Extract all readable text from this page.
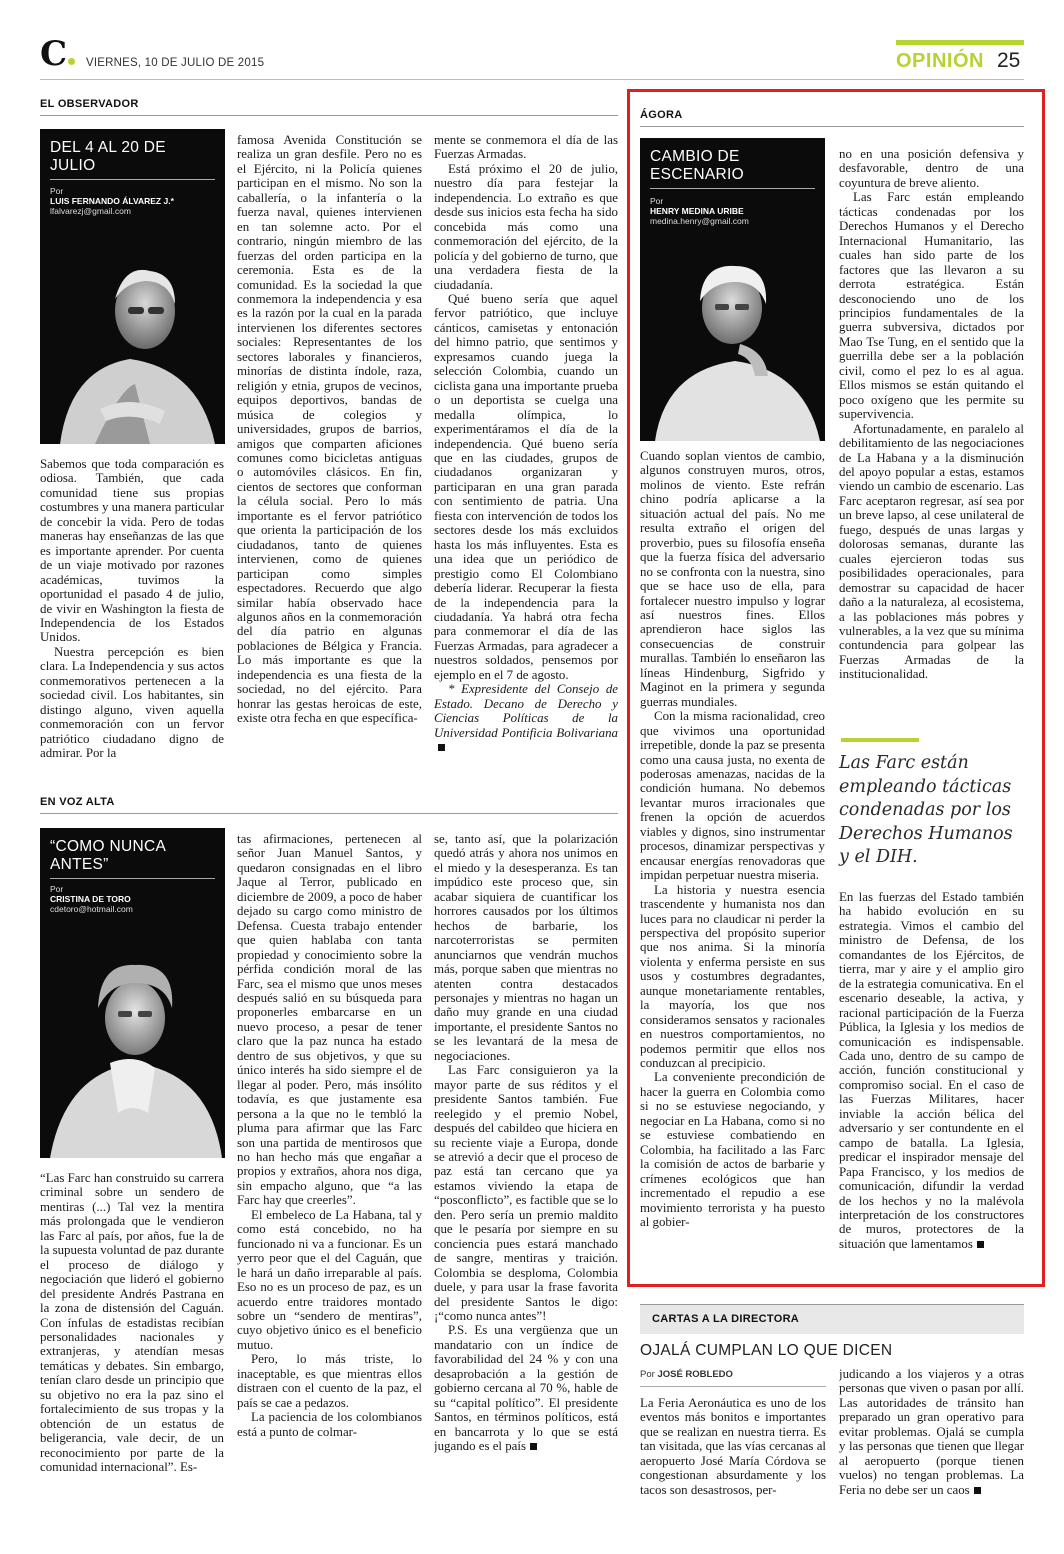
C	VIERNES, 10 DE JULIO DE 2015	OPINIÓN 25
EL OBSERVADOR
DEL 4 AL 20 DE JULIO
Por
LUIS FERNANDO ÁLVAREZ J.*
lfalvarezj@gmail.com

Sabemos que toda comparación es odiosa. También, que cada comunidad tiene sus propias costumbres y una manera particular de concebir la vida. Pero de todas maneras hay enseñanzas de las que es importante aprender. Por cuenta de un viaje motivado por razones académicas, tuvimos la oportunidad el pasado 4 de julio, de vivir en Washington la fiesta de Independencia de los Estados Unidos.

Nuestra percepción es bien clara. La Independencia y sus actos conmemorativos pertenecen a la sociedad civil. Los habitantes, sin distingo alguno, viven aquella conmemoración con un fervor patriótico ciudadano digno de admirar. Por la

famosa Avenida Constitución se realiza un gran desfile. Pero no es el Ejército, ni la Policía quienes participan en el mismo. No son la caballería, o la infantería o la fuerza naval, quienes intervienen en tan solemne acto. Por el contrario, ningún miembro de las fuerzas del orden participa en la ceremonia. Esta es de la comunidad. Es la sociedad la que conmemora la independencia y esa es la razón por la cual en la parada intervienen los diferentes sectores sociales: Representantes de los sectores laborales y financieros, minorías de distinta índole, raza, religión y etnia, grupos de vecinos, equipos deportivos, bandas de música de colegios y universidades, grupos de barrios, amigos que comparten aficiones comunes como bicicletas antiguas o automóviles clásicos. En fin, cientos de sectores que conforman la célula social. Pero lo más importante es el fervor patriótico que orienta la participación de los ciudadanos, tanto de quienes intervienen, como de quienes participan como simples espectadores. Recuerdo que algo similar había observado hace algunos años en la conmemoración del día patrio en algunas poblaciones de Bélgica y Francia. Lo más importante es que la independencia es una fiesta de la sociedad, no del ejército. Para honrar las gestas heroicas de este, existe otra fecha en que específica-

mente se conmemora el día de las Fuerzas Armadas.

Está próximo el 20 de julio, nuestro día para festejar la independencia. Lo extraño es que desde sus inicios esta fecha ha sido concebida más como una conmemoración del ejército, de la policía y del gobierno de turno, que una verdadera fiesta de la ciudadanía.

Qué bueno sería que aquel fervor patriótico, que incluye cánticos, camisetas y entonación del himno patrio, que sentimos y expresamos cuando juega la selección Colombia, cuando un ciclista gana una importante prueba o un deportista se cuelga una medalla olímpica, lo experimentáramos el día de la independencia. Qué bueno sería que en las ciudades, grupos de ciudadanos organizaran y participaran en una gran parada con sentimiento de patria. Una fiesta con intervención de todos los sectores desde los más excluidos hasta los más influyentes. Esta es una idea que un periódico de prestigio como El Colombiano debería liderar. Recuperar la fiesta de la independencia para la ciudadanía. Ya habrá otra fecha para conmemorar el día de las Fuerzas Armadas, para agradecer a nuestros soldados, pensemos por ejemplo en el 7 de agosto.

* Expresidente del Consejo de Estado. Decano de Derecho y Ciencias Políticas de la Universidad Pontificia Bolivariana

EN VOZ ALTA
“COMO NUNCA ANTES”
Por
CRISTINA DE TORO
cdetoro@hotmail.com

“Las Farc han construido su carrera criminal sobre un sendero de mentiras (...) Tal vez la mentira más prolongada que le vendieron las Farc al país, por años, fue la de la supuesta voluntad de paz durante el proceso de diálogo y negociación que lideró el gobierno del presidente Andrés Pastrana en la zona de distensión del Caguán. Con ínfulas de estadistas recibían personalidades nacionales y extranjeras, y atendían mesas temáticas y debates. Sin embargo, tenían claro desde un principio que su objetivo no era la paz sino el fortalecimiento de sus tropas y la obtención de un estatus de beligerancia, vale decir, de un reconocimiento por parte de la comunidad internacional”. Es-

tas afirmaciones, pertenecen al señor Juan Manuel Santos, y quedaron consignadas en el libro Jaque al Terror, publicado en diciembre de 2009, a poco de haber dejado su cargo como ministro de Defensa. Cuesta trabajo entender que quien hablaba con tanta propiedad y conocimiento sobre la pérfida condición moral de las Farc, sea el mismo que unos meses después salió en su búsqueda para proponerles embarcarse en un nuevo proceso, a pesar de tener claro que la paz nunca ha estado dentro de sus objetivos, y que su único interés ha sido siempre el de llegar al poder. Pero, más insólito todavía, es que justamente esa persona a la que no le tembló la pluma para afirmar que las Farc son una partida de mentirosos que no han hecho más que engañar a propios y extraños, ahora nos diga, sin empacho alguno, que “a las Farc hay que creerles”.

El embeleco de La Habana, tal y como está concebido, no ha funcionado ni va a funcionar. Es un yerro peor que el del Caguán, que le hará un daño irreparable al país. Eso no es un proceso de paz, es un acuerdo entre traidores montado sobre un “sendero de mentiras”, cuyo objetivo único es el beneficio mutuo.

Pero, lo más triste, lo inaceptable, es que mientras ellos distraen con el cuento de la paz, el país se cae a pedazos.

La paciencia de los colombianos está a punto de colmar-

se, tanto así, que la polarización quedó atrás y ahora nos unimos en el miedo y la desesperanza. Es tan impúdico este proceso que, sin acabar siquiera de cuantificar los horrores causados por los últimos hechos de barbarie, los narcoterroristas se permiten anunciarnos que vendrán muchos más, porque saben que mientras no atenten contra destacados personajes y mientras no hagan un daño muy grande en una ciudad importante, el presidente Santos no se les levantará de la mesa de negociaciones.

Las Farc consiguieron ya la mayor parte de sus réditos y el presidente Santos también. Fue reelegido y el premio Nobel, después del cabildeo que hiciera en su reciente viaje a Europa, donde se atrevió a decir que el proceso de paz está tan cercano que ya estamos viviendo la etapa de “posconflicto”, es factible que se lo den. Pero sería un premio maldito que le pesaría por siempre en su conciencia pues estará manchado de sangre, mentiras y traición. Colombia se desploma, Colombia duele, y para usar la frase favorita del presidente Santos le digo: ¡“como nunca antes”!

P.S. Es una vergüenza que un mandatario con un índice de favorabilidad del 24 % y con una desaprobación a la gestión de gobierno cercana al 70 %, hable de su “capital político”. El presidente Santos, en términos políticos, está en bancarrota y lo que se está jugando es el país

ÁGORA
CAMBIO DE ESCENARIO
Por
HENRY MEDINA URIBE
medina.henry@gmail.com

Cuando soplan vientos de cambio, algunos construyen muros, otros, molinos de viento. Este refrán chino podría aplicarse a la situación actual del país. No me resulta extraño el origen del proverbio, pues su filosofía enseña que la fuerza física del adversario no se confronta con la nuestra, sino que se hace uso de ella, para fortalecer nuestro impulso y lograr así nuestros fines. Ellos aprendieron hace siglos las consecuencias de construir murallas. También lo enseñaron las líneas Hindenburg, Sigfrido y Maginot en la primera y segunda guerras mundiales.

Con la misma racionalidad, creo que vivimos una oportunidad irrepetible, donde la paz se presenta como una causa justa, no exenta de poderosas amenazas, nacidas de la condición humana. No debemos levantar muros irracionales que frenen la opción de acuerdos viables y dignos, sino instrumentar procesos, dinamizar perspectivas y encausar energías renovadoras que impidan perpetuar nuestra miseria.

La historia y nuestra esencia trascendente y humanista nos dan luces para no claudicar ni perder la perspectiva del propósito superior que nos anima. Si la minoría violenta y enferma persiste en sus usos y costumbres degradantes, aunque monetariamente rentables, la mayoría, los que nos consideramos sensatos y racionales en nuestros comportamientos, no podemos permitir que ellos nos conduzcan al precipicio.

La conveniente precondición de hacer la guerra en Colombia como si no se estuviese negociando, y negociar en La Habana, como si no se estuviese combatiendo en Colombia, ha facilitado a las Farc la comisión de actos de barbarie y crímenes ecológicos que han incrementado el repudio a ese movimiento terrorista y ha puesto al gobier-

no en una posición defensiva y desfavorable, dentro de una coyuntura de breve aliento.

Las Farc están empleando tácticas condenadas por los Derechos Humanos y el Derecho Internacional Humanitario, las cuales han sido parte de los factores que las llevaron a su derrota estratégica. Están desconociendo uno de los principios fundamentales de la guerra subversiva, dictados por Mao Tse Tung, en el sentido que la guerrilla debe ser a la población civil, como el pez lo es al agua. Ellos mismos se están quitando el poco oxígeno que les permite su supervivencia.

Afortunadamente, en paralelo al debilitamiento de las negociaciones de La Habana y a la disminución del apoyo popular a estas, estamos viendo un cambio de escenario. Las Farc aceptaron regresar, así sea por un breve lapso, al cese unilateral de fuego, después de unas largas y dolorosas semanas, durante las cuales ejercieron todas sus posibilidades operacionales, para demostrar su capacidad de hacer daño a la naturaleza, al ecosistema, a las poblaciones más pobres y vulnerables, a la vez que su mínima contundencia para golpear las Fuerzas Armadas de la institucionalidad.

Las Farc están empleando tácticas condenadas por los Derechos Humanos y el DIH.

En las fuerzas del Estado también ha habido evolución en su estrategia. Vimos el cambio del ministro de Defensa, de los comandantes de los Ejércitos, de tierra, mar y aire y el amplio giro de la estrategia comunicativa. En el escenario deseable, la activa, y racional participación de la Fuerza Pública, la Iglesia y los medios de comunicación es indispensable. Cada uno, dentro de su campo de acción, función constitucional y compromiso social. En el caso de las Fuerzas Militares, hacer inviable la acción bélica del adversario y ser contundente en el campo de batalla. La Iglesia, predicar el inspirador mensaje del Papa Francisco, y los medios de comunicación, difundir la verdad de los hechos y no la malévola interpretación de los constructores de muros, protectores de la situación que lamentamos

CARTAS A LA DIRECTORA
OJALÁ CUMPLAN LO QUE DICEN
Por JOSÉ ROBLEDO

La Feria Aeronáutica es uno de los eventos más bonitos e importantes que se realizan en nuestra tierra. Es tan visitada, que las vías cercanas al aeropuerto José María Córdova se congestionan absurdamente y los tacos son desastrosos, per-

judicando a los viajeros y a otras personas que viven o pasan por allí. Las autoridades de tránsito han preparado un gran operativo para evitar problemas. Ojalá se cumpla y las personas que tienen que llegar al aeropuerto (porque tienen vuelos) no tengan problemas. La Feria no debe ser un caos
